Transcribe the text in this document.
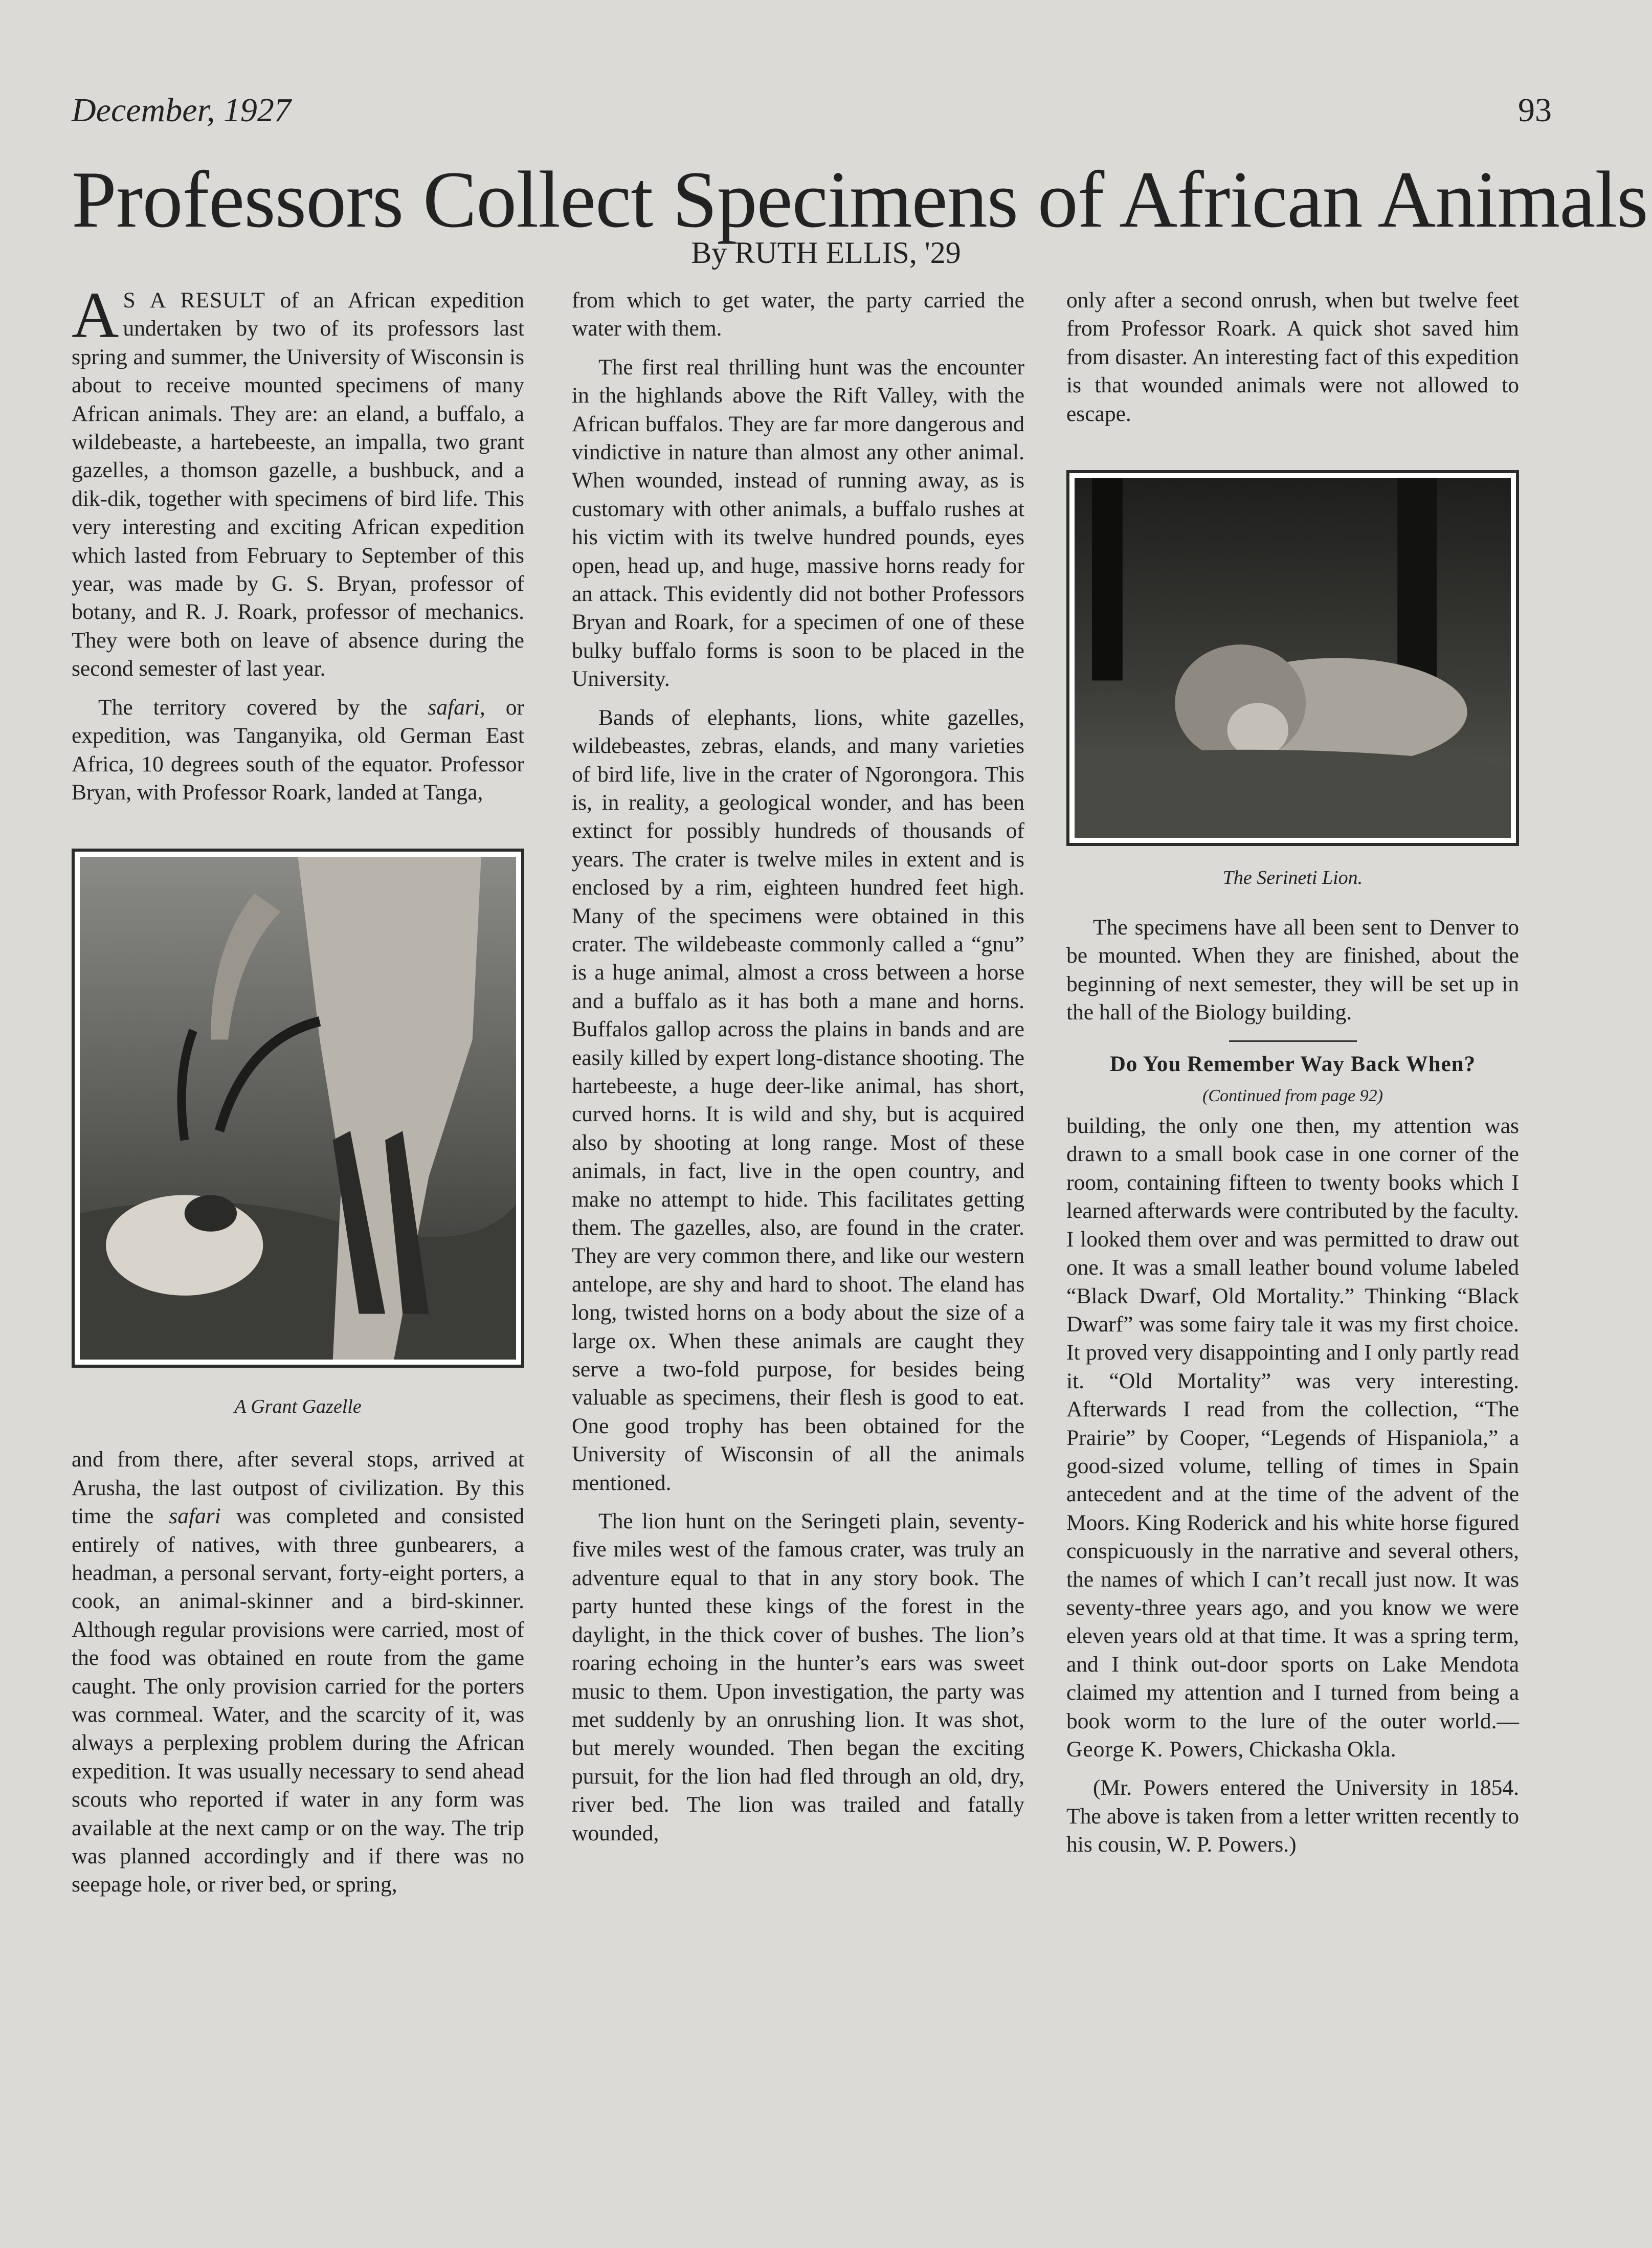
December, 1927	93
Professors Collect Specimens of African Animals
By RUTH ELLIS, '29

A S A RESULT of an African expedition undertaken by two of its professors last spring and summer, the University of Wisconsin is about to receive mounted specimens of many African animals. They are: an eland, a buffalo, a wildebeaste, a hartebeeste, an impalla, two grant gazelles, a thomson gazelle, a bushbuck, and a dik-dik, together with specimens of bird life. This very interesting and exciting African expedition which lasted from February to September of this year, was made by G. S. Bryan, professor of botany, and R. J. Roark, professor of mechanics. They were both on leave of absence during the second semester of last year.

The territory covered by the safari, or expedition, was Tanganyika, old German East Africa, 10 degrees south of the equator. Professor Bryan, with Professor Roark, landed at Tanga,

A Grant Gazelle

and from there, after several stops, arrived at Arusha, the last outpost of civilization. By this time the safari was completed and consisted entirely of natives, with three gunbearers, a headman, a personal servant, forty-eight porters, a cook, an animal-skinner and a bird-skinner. Although regular provisions were carried, most of the food was obtained en route from the game caught. The only provision carried for the porters was cornmeal. Water, and the scarcity of it, was always a perplexing problem during the African expedition. It was usually necessary to send ahead scouts who reported if water in any form was available at the next camp or on the way. The trip was planned accordingly and if there was no seepage hole, or river bed, or spring,

from which to get water, the party carried the water with them.

The first real thrilling hunt was the encounter in the highlands above the Rift Valley, with the African buffalos. They are far more dangerous and vindictive in nature than almost any other animal. When wounded, instead of running away, as is customary with other animals, a buffalo rushes at his victim with its twelve hundred pounds, eyes open, head up, and huge, massive horns ready for an attack. This evidently did not bother Professors Bryan and Roark, for a specimen of one of these bulky buffalo forms is soon to be placed in the University.

Bands of elephants, lions, white gazelles, wildebeastes, zebras, elands, and many varieties of bird life, live in the crater of Ngorongora. This is, in reality, a geological wonder, and has been extinct for possibly hundreds of thousands of years. The crater is twelve miles in extent and is enclosed by a rim, eighteen hundred feet high. Many of the specimens were obtained in this crater. The wildebeaste commonly called a “gnu” is a huge animal, almost a cross between a horse and a buffalo as it has both a mane and horns. Buffalos gallop across the plains in bands and are easily killed by expert long-distance shooting. The hartebeeste, a huge deer-like animal, has short, curved horns. It is wild and shy, but is acquired also by shooting at long range. Most of these animals, in fact, live in the open country, and make no attempt to hide. This facilitates getting them. The gazelles, also, are found in the crater. They are very common there, and like our western antelope, are shy and hard to shoot. The eland has long, twisted horns on a body about the size of a large ox. When these animals are caught they serve a two-fold purpose, for besides being valuable as specimens, their flesh is good to eat. One good trophy has been obtained for the University of Wisconsin of all the animals mentioned.

The lion hunt on the Seringeti plain, seventy-five miles west of the famous crater, was truly an adventure equal to that in any story book. The party hunted these kings of the forest in the daylight, in the thick cover of bushes. The lion’s roaring echoing in the hunter’s ears was sweet music to them. Upon investigation, the party was met suddenly by an onrushing lion. It was shot, but merely wounded. Then began the exciting pursuit, for the lion had fled through an old, dry, river bed. The lion was trailed and fatally wounded,

only after a second onrush, when but twelve feet from Professor Roark. A quick shot saved him from disaster. An interesting fact of this expedition is that wounded animals were not allowed to escape.

The Serineti Lion.

The specimens have all been sent to Denver to be mounted. When they are finished, about the beginning of next semester, they will be set up in the hall of the Biology building.

Do You Remember Way Back When?
(Continued from page 92)

building, the only one then, my attention was drawn to a small book case in one corner of the room, containing fifteen to twenty books which I learned afterwards were contributed by the faculty. I looked them over and was permitted to draw out one. It was a small leather bound volume labeled “Black Dwarf, Old Mortality.” Thinking “Black Dwarf” was some fairy tale it was my first choice. It proved very disappointing and I only partly read it. “Old Mortality” was very interesting. Afterwards I read from the collection, “The Prairie” by Cooper, “Legends of Hispaniola,” a good-sized volume, telling of times in Spain antecedent and at the time of the advent of the Moors. King Roderick and his white horse figured conspicuously in the narrative and several others, the names of which I can’t recall just now. It was seventy-three years ago, and you know we were eleven years old at that time. It was a spring term, and I think out-door sports on Lake Mendota claimed my attention and I turned from being a book worm to the lure of the outer world.—George K. Powers, Chickasha Okla.

(Mr. Powers entered the University in 1854. The above is taken from a letter written recently to his cousin, W. P. Powers.)
